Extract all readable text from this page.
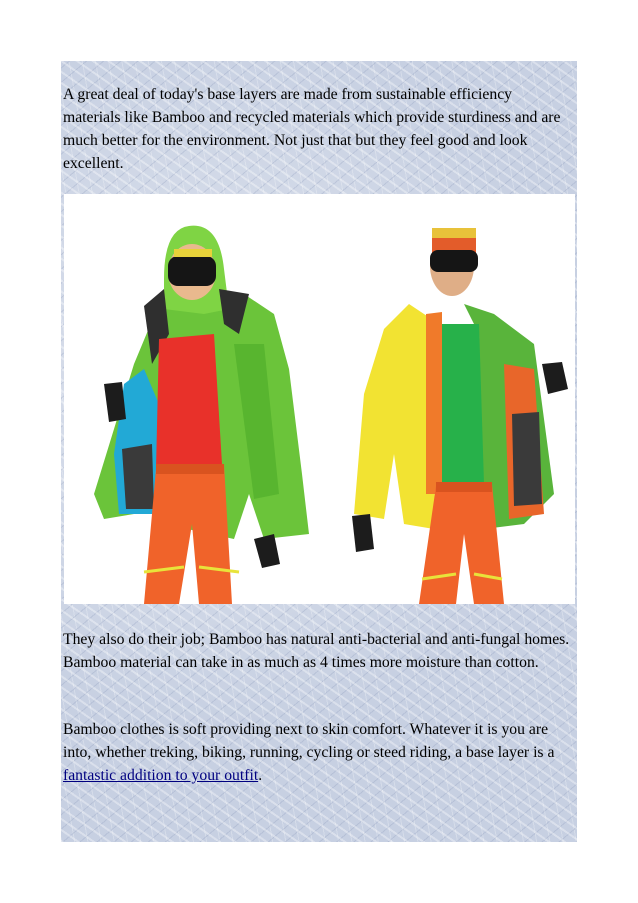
A great deal of today's base layers are made from sustainable efficiency materials like Bamboo and recycled materials which provide sturdiness and are much better for the environment. Not just that but they feel good and look excellent.

They also do their job; Bamboo has natural anti-bacterial and anti-fungal homes. Bamboo material can take in as much as 4 times more moisture than cotton.

Bamboo clothes is soft providing next to skin comfort. Whatever it is you are into, whether treking, biking, running, cycling or steed riding, a base layer is a fantastic addition to your outfit.
